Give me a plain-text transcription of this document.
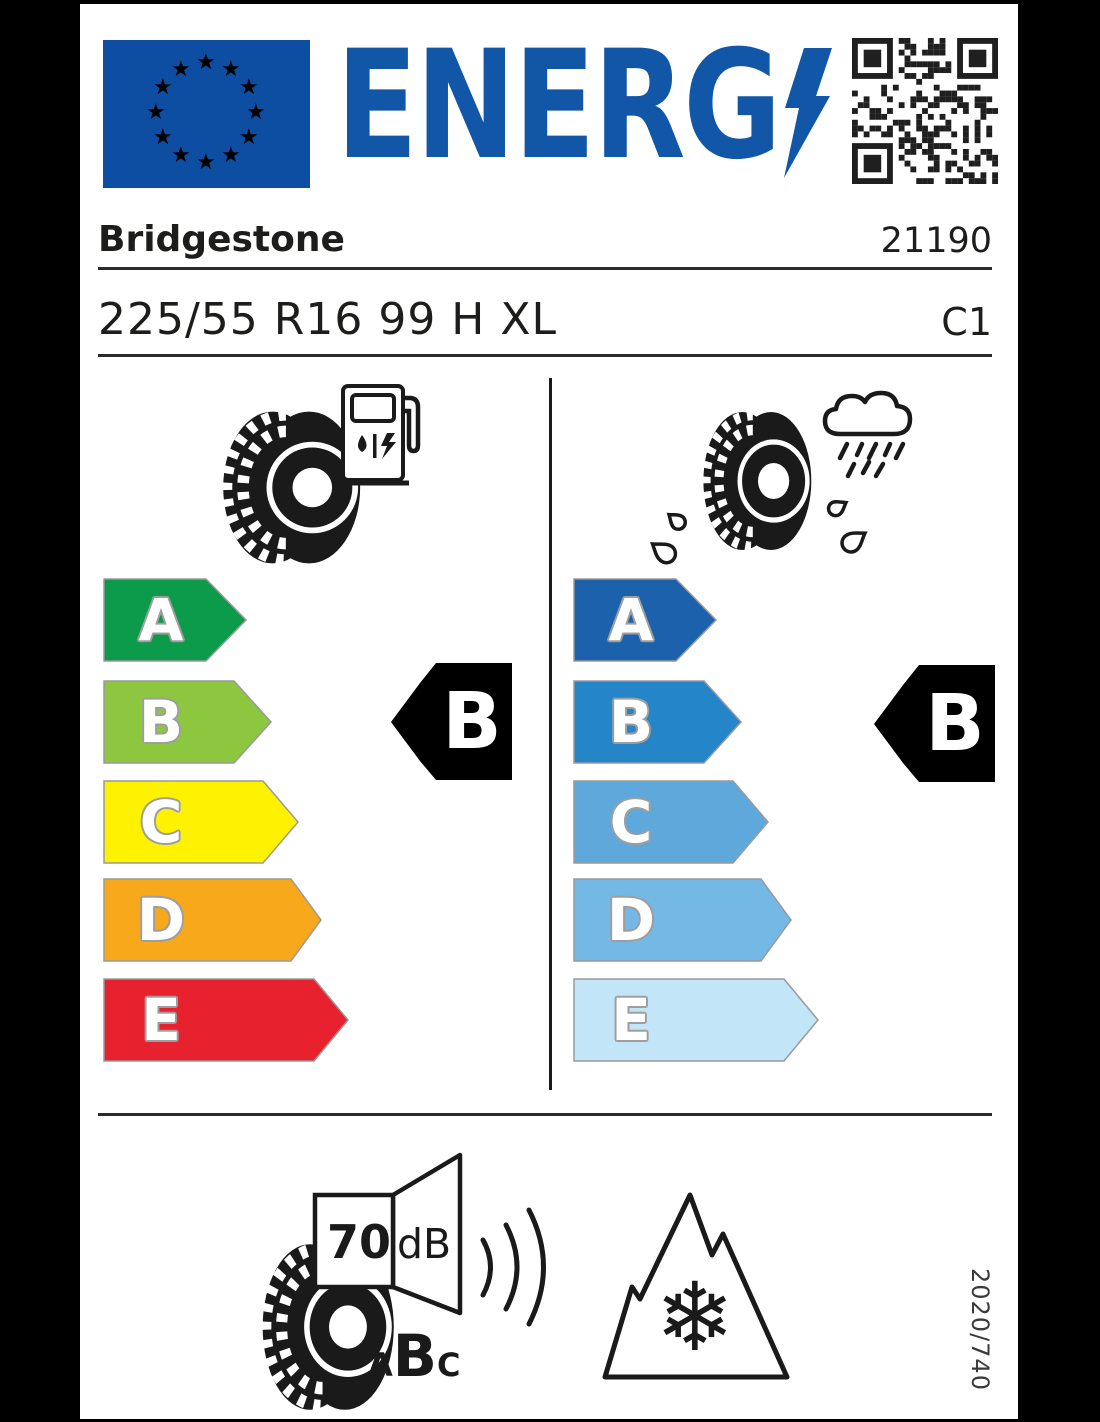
★ ★
★
★
★
★
★
★
★
★
★
★ ENERG
Bridgestone	21190
225/55 R16 99 H XL	C1
A
B
C
D
E
B
A
B
C
D
E
B
70 dB
A B C ❄	2020/740
